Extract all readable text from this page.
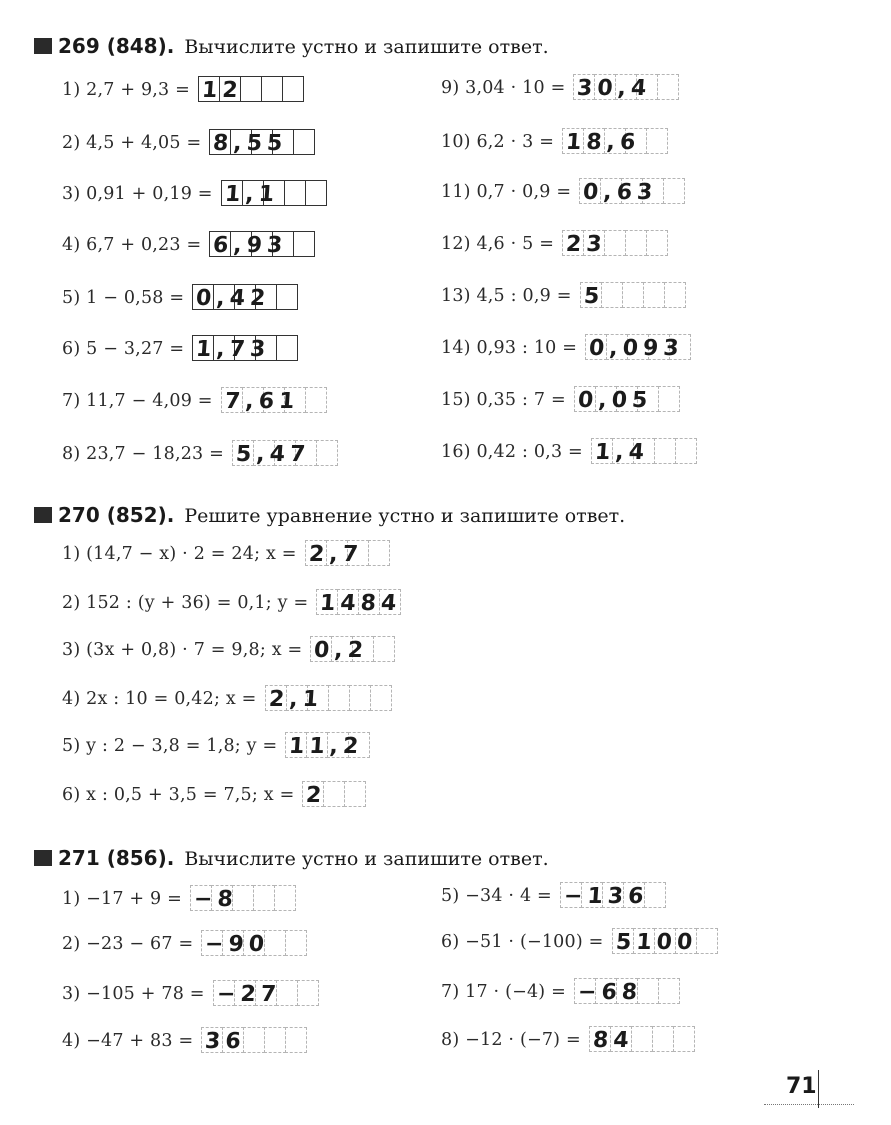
269 (848). Вычислите устно и запишите ответ.
1) 2,7 + 9,3 = 12
2) 4,5 + 4,05 = 8,55
3) 0,91 + 0,19 = 1,1
4) 6,7 + 0,23 = 6,93
5) 1 − 0,58 = 0,42
6) 5 − 3,27 = 1,73
7) 11,7 − 4,09 = 7,61
8) 23,7 − 18,23 = 5,47
9) 3,04 · 10 = 30,4
10) 6,2 · 3 = 18,6
11) 0,7 · 0,9 = 0,63
12) 4,6 · 5 = 23
13) 4,5 : 0,9 = 5
14) 0,93 : 10 = 0,093
15) 0,35 : 7 = 0,05
16) 0,42 : 0,3 = 1,4
270 (852). Решите уравнение устно и запишите ответ.
1) (14,7 − x) · 2 = 24; x = 2,7
2) 152 : (y + 36) = 0,1; y = 1484
3) (3x + 0,8) · 7 = 9,8; x = 0,2
4) 2x : 10 = 0,42; x = 2,1
5) y : 2 − 3,8 = 1,8; y = 11,2
6) x : 0,5 + 3,5 = 7,5; x = 2
271 (856). Вычислите устно и запишите ответ.
1) −17 + 9 = −8
2) −23 − 67 = −90
3) −105 + 78 = −27
4) −47 + 83 = 36
5) −34 · 4 = −136
6) −51 · (−100) = 5100
7) 17 · (−4) = −68
8) −12 · (−7) = 84
71
